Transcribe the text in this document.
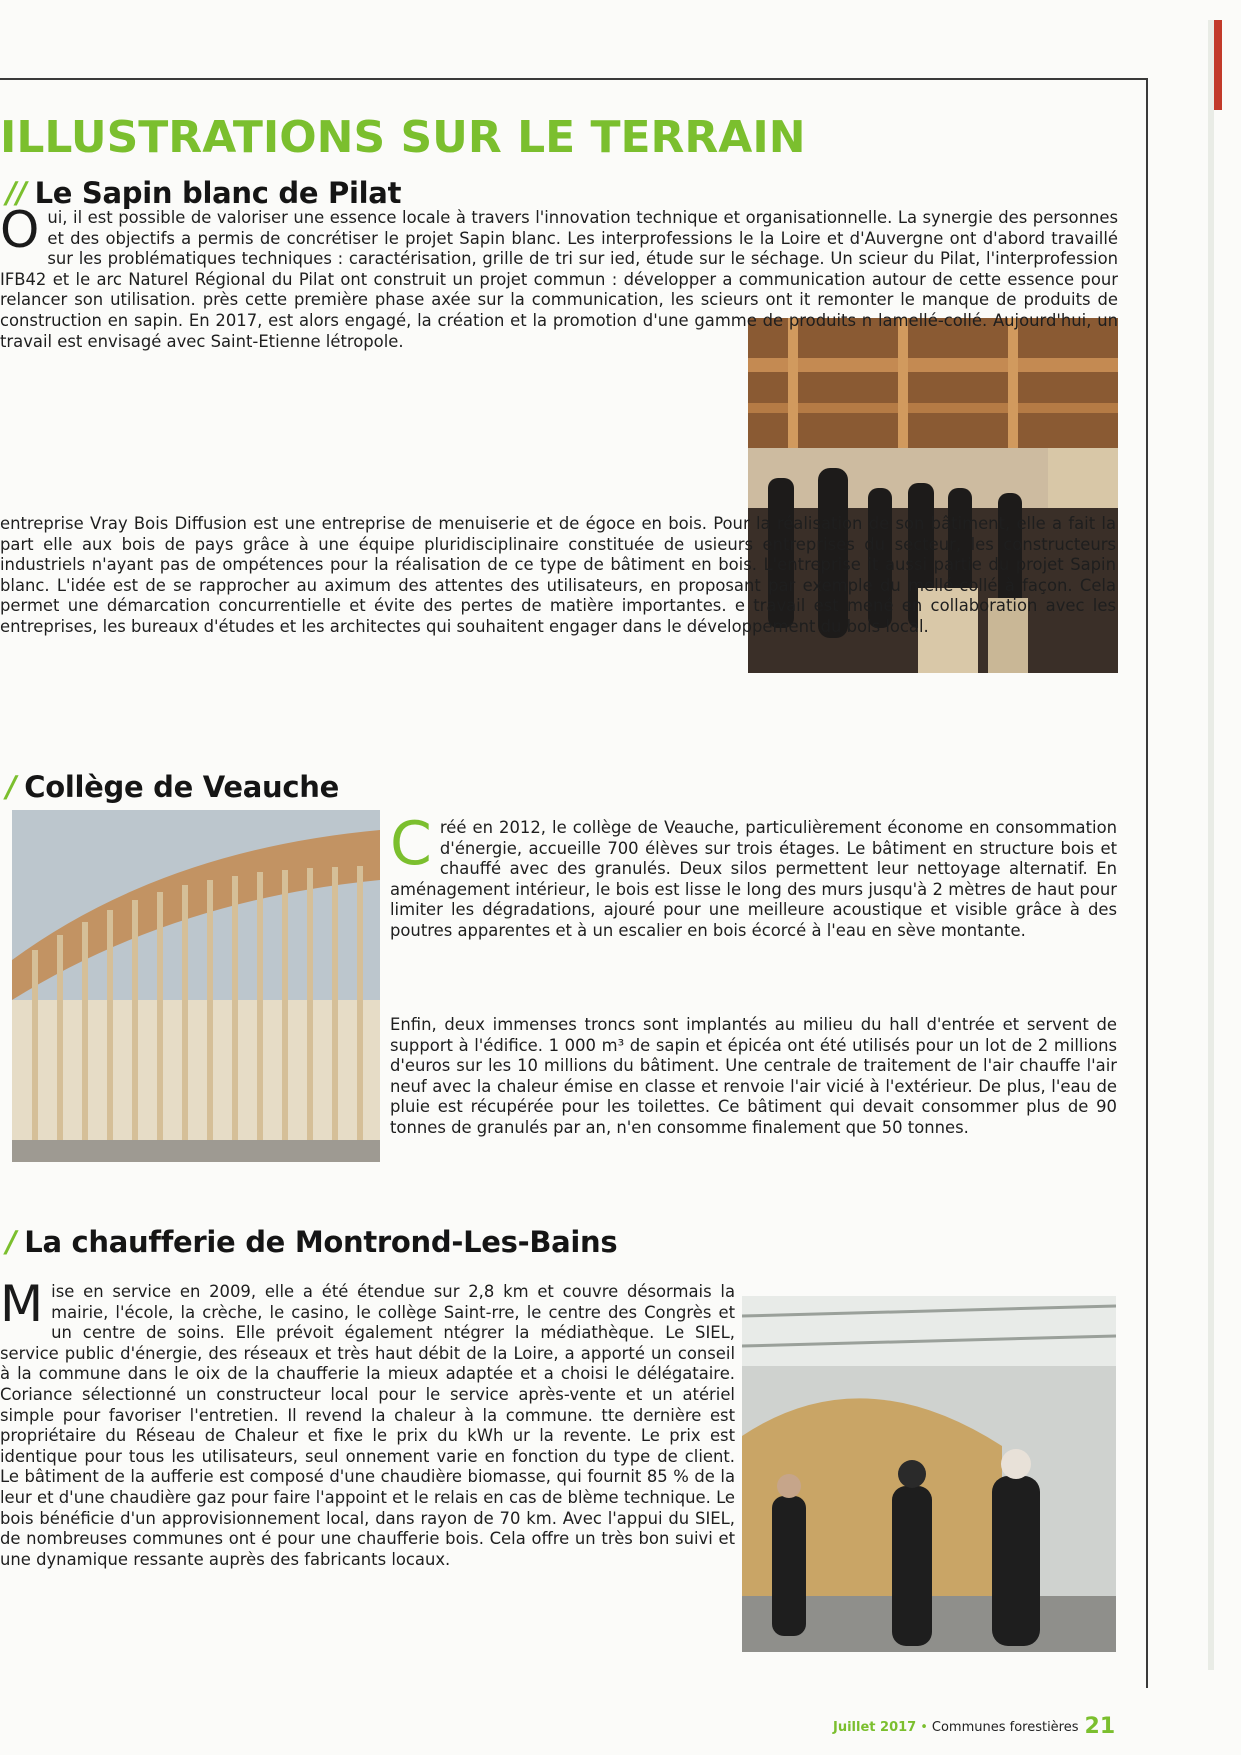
ILLUSTRATIONS SUR LE TERRAIN
// Le Sapin blanc de Pilat

O ui, il est possible de valoriser une essence locale à travers l'innovation technique et organisationnelle. La synergie des personnes et des objectifs a permis de concrétiser le projet Sapin blanc. Les interprofessions le la Loire et d'Auvergne ont d'abord travaillé sur les problématiques techniques : caractérisation, grille de tri sur ied, étude sur le séchage. Un scieur du Pilat, l'interprofession IFB42 et le arc Naturel Régional du Pilat ont construit un projet commun : développer a communication autour de cette essence pour relancer son utilisation. près cette première phase axée sur la communication, les scieurs ont it remonter le manque de produits de construction en sapin. En 2017, est alors engagé, la création et la promotion d'une gamme de produits n lamellé-collé. Aujourd'hui, un travail est envisagé avec Saint-Etienne létropole.

entreprise Vray Bois Diffusion est une entreprise de menuiserie et de égoce en bois. Pour la réalisation de son bâtiment, elle a fait la part elle aux bois de pays grâce à une équipe pluridisciplinaire constituée de usieurs entreprises du secteur, les constructeurs industriels n'ayant pas de ompétences pour la réalisation de ce type de bâtiment en bois. L'entreprise it aussi partie du projet Sapin blanc. L'idée est de se rapprocher au aximum des attentes des utilisateurs, en proposant par exemple du mellé-collé à façon. Cela permet une démarcation concurrentielle et évite des pertes de matière importantes. e travail est mené en collaboration avec les entreprises, les bureaux d'études et les architectes qui souhaitent engager dans le développement du bois local.

/ Collège de Veauche

C réé en 2012, le collège de Veauche, particulièrement économe en consommation d'énergie, accueille 700 élèves sur trois étages. Le bâtiment en structure bois et chauffé avec des granulés. Deux silos permettent leur nettoyage alternatif. En aménagement intérieur, le bois est lisse le long des murs jusqu'à 2 mètres de haut pour limiter les dégradations, ajouré pour une meilleure acoustique et visible grâce à des poutres apparentes et à un escalier en bois écorcé à l'eau en sève montante.

Enfin, deux immenses troncs sont implantés au milieu du hall d'entrée et servent de support à l'édifice. 1 000 m³ de sapin et épicéa ont été utilisés pour un lot de 2 millions d'euros sur les 10 millions du bâtiment. Une centrale de traitement de l'air chauffe l'air neuf avec la chaleur émise en classe et renvoie l'air vicié à l'extérieur. De plus, l'eau de pluie est récupérée pour les toilettes. Ce bâtiment qui devait consommer plus de 90 tonnes de granulés par an, n'en consomme finalement que 50 tonnes.

/ La chaufferie de Montrond-Les-Bains

M ise en service en 2009, elle a été étendue sur 2,8 km et couvre désormais la mairie, l'école, la crèche, le casino, le collège Saint-rre, le centre des Congrès et un centre de soins. Elle prévoit également ntégrer la médiathèque. Le SIEL, service public d'énergie, des réseaux et très haut débit de la Loire, a apporté un conseil à la commune dans le oix de la chaufferie la mieux adaptée et a choisi le délégataire. Coriance sélectionné un constructeur local pour le service après-vente et un atériel simple pour favoriser l'entretien. Il revend la chaleur à la commune. tte dernière est propriétaire du Réseau de Chaleur et fixe le prix du kWh ur la revente. Le prix est identique pour tous les utilisateurs, seul onnement varie en fonction du type de client. Le bâtiment de la aufferie est composé d'une chaudière biomasse, qui fournit 85 % de la leur et d'une chaudière gaz pour faire l'appoint et le relais en cas de blème technique. Le bois bénéficie d'un approvisionnement local, dans rayon de 70 km. Avec l'appui du SIEL, de nombreuses communes ont é pour une chaufferie bois. Cela offre un très bon suivi et une dynamique ressante auprès des fabricants locaux.

Juillet 2017 • Communes forestières 21
